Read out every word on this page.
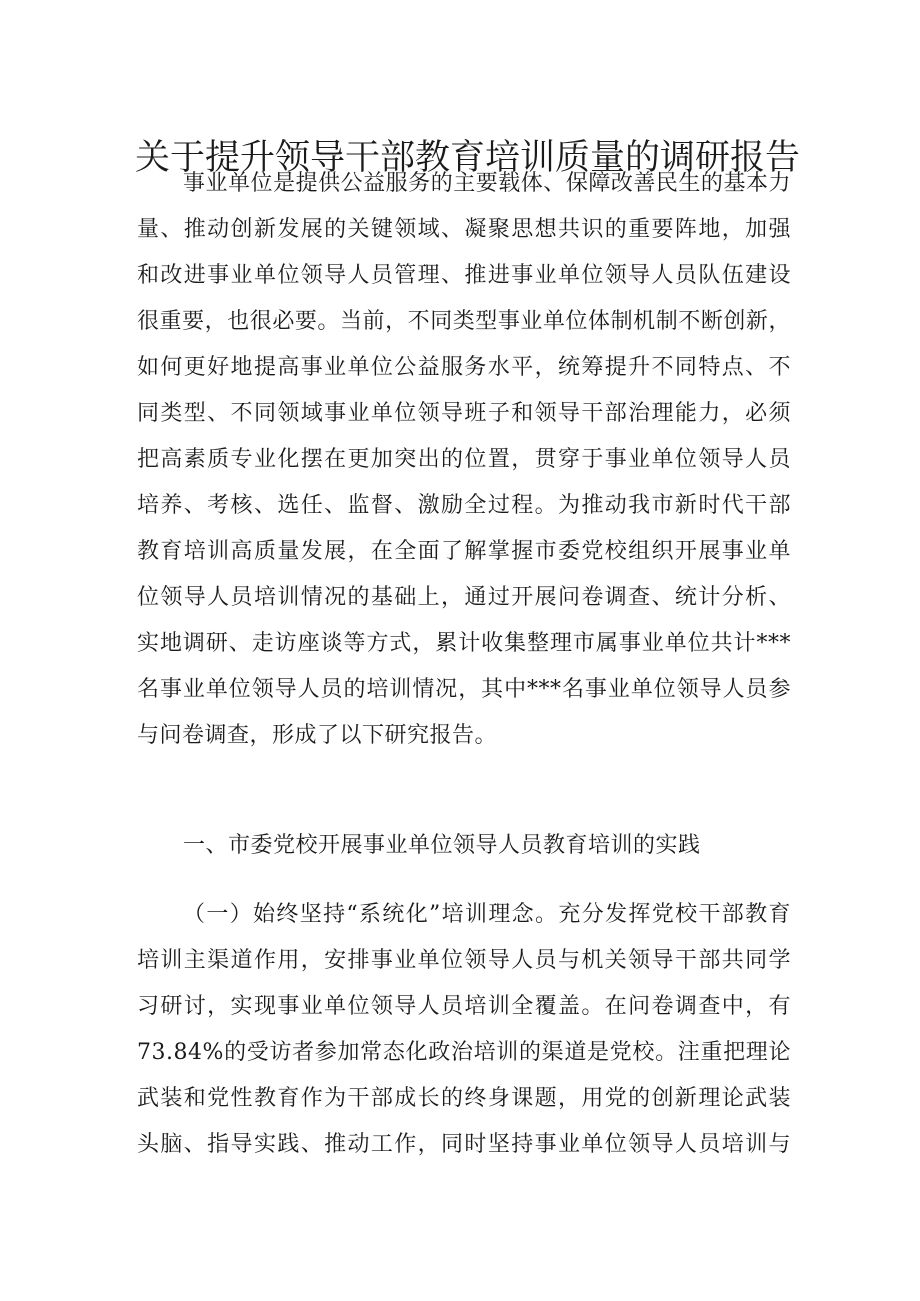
关于提升领导干部教育培训质量的调研报告
事业单位是提供公益服务的主要载体、保障改善民生的基本力
量、推动创新发展的关键领域、凝聚思想共识的重要阵地，加强
和改进事业单位领导人员管理、推进事业单位领导人员队伍建设
很重要，也很必要。当前，不同类型事业单位体制机制不断创新，
如何更好地提高事业单位公益服务水平，统筹提升不同特点、不
同类型、不同领域事业单位领导班子和领导干部治理能力，必须
把高素质专业化摆在更加突出的位置，贯穿于事业单位领导人员
培养、考核、选任、监督、激励全过程。为推动我市新时代干部
教育培训高质量发展，在全面了解掌握市委党校组织开展事业单
位领导人员培训情况的基础上，通过开展问卷调查、统计分析、
实地调研、走访座谈等方式，累计收集整理市属事业单位共计***
名事业单位领导人员的培训情况，其中***名事业单位领导人员参
与问卷调查，形成了以下研究报告。
一、市委党校开展事业单位领导人员教育培训的实践
（一）始终坚持“系统化”培训理念。充分发挥党校干部教育
培训主渠道作用，安排事业单位领导人员与机关领导干部共同学
习研讨，实现事业单位领导人员培训全覆盖。在问卷调查中，有
73.84%的受访者参加常态化政治培训的渠道是党校。注重把理论
武装和党性教育作为干部成长的终身课题，用党的创新理论武装
头脑、指导实践、推动工作，同时坚持事业单位领导人员培训与
